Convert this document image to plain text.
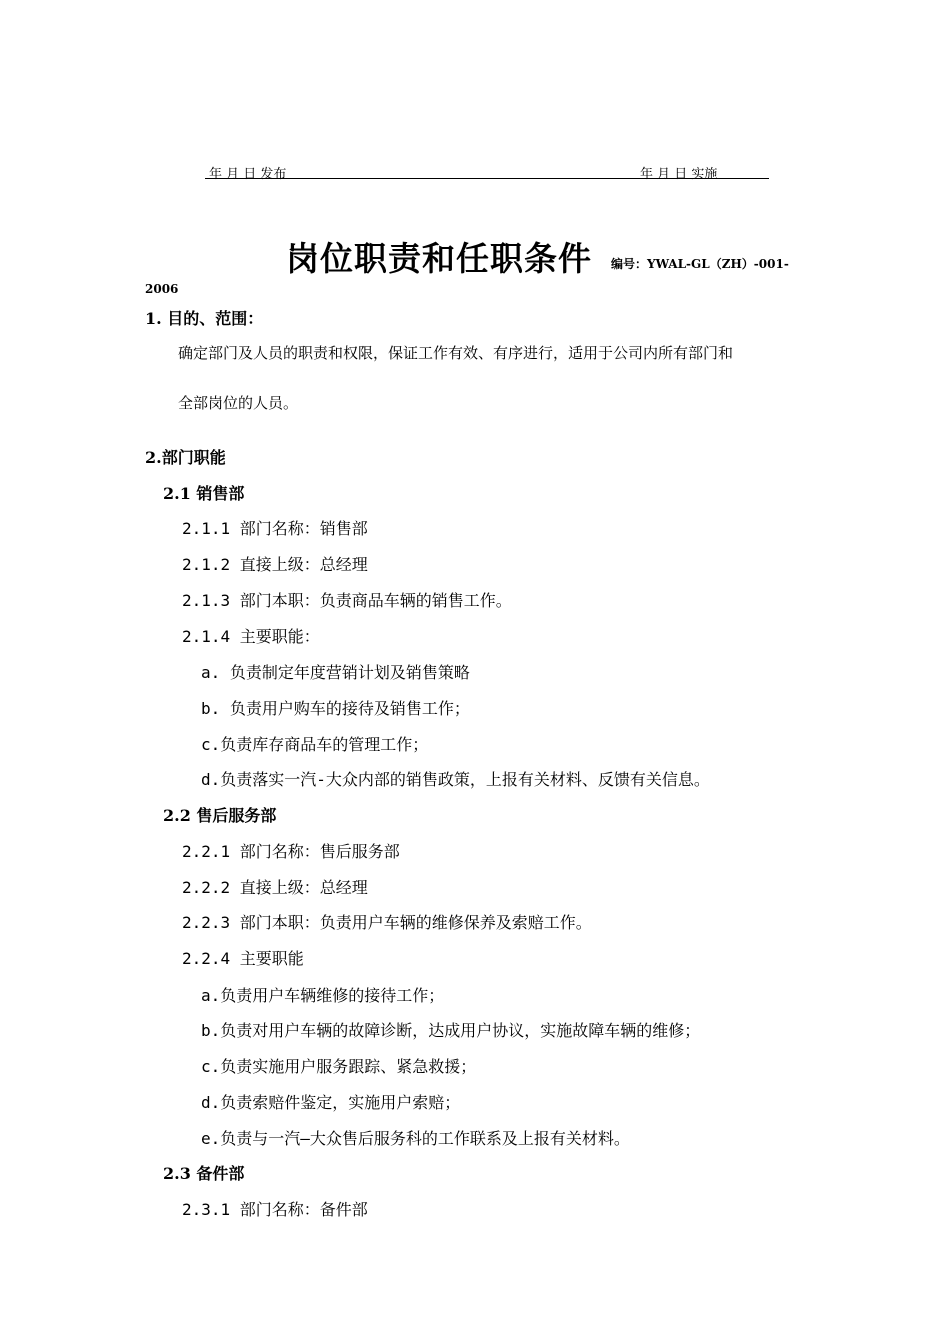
年 月 日 发布	年 月 日 实施
岗位职责和任职条件 编号：YWAL-GL（ZH）-001-
2006
1. 目的、范围：
确定部门及人员的职责和权限，保证工作有效、有序进行，适用于公司内所有部门和
全部岗位的人员。
2.部门职能
2.1 销售部
2.1.1 部门名称：销售部
2.1.2 直接上级：总经理
2.1.3 部门本职：负责商品车辆的销售工作。
2.1.4 主要职能：
a. 负责制定年度营销计划及销售策略
b. 负责用户购车的接待及销售工作；
c.负责库存商品车的管理工作；
d.负责落实一汽-大众内部的销售政策，上报有关材料、反馈有关信息。
2.2 售后服务部
2.2.1 部门名称：售后服务部
2.2.2 直接上级：总经理
2.2.3 部门本职：负责用户车辆的维修保养及索赔工作。
2.2.4 主要职能
a.负责用户车辆维修的接待工作；
b.负责对用户车辆的故障诊断，达成用户协议，实施故障车辆的维修；
c.负责实施用户服务跟踪、紧急救援；
d.负责索赔件鉴定，实施用户索赔；
e.负责与一汽—大众售后服务科的工作联系及上报有关材料。
2.3 备件部
2.3.1 部门名称：备件部
